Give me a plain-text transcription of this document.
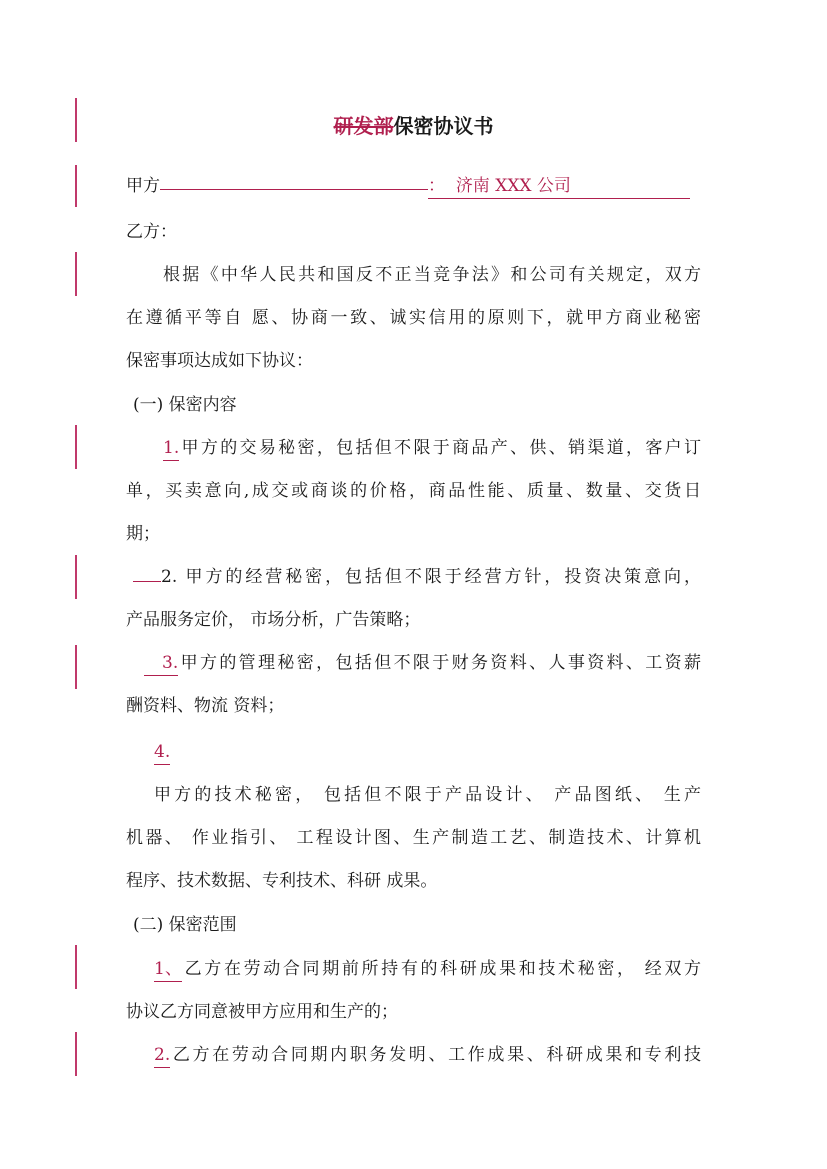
研发部保密协议书
甲方	： 济南 XXX 公司
乙方：
根据《中华人民共和国反不正当竞争法》和公司有关规定，双方
在遵循平等自 愿、协商一致、诚实信用的原则下，就甲方商业秘密
保密事项达成如下协议：
(一) 保密内容
1.甲方的交易秘密，包括但不限于商品产、供、销渠道，客户订
单，买卖意向,成交或商谈的价格，商品性能、质量、数量、交货日
期；
2. 甲方的经营秘密，包括但不限于经营方针，投资决策意向，
产品服务定价， 市场分析，广告策略；
3.甲方的管理秘密，包括但不限于财务资料、人事资料、工资薪
酬资料、物流 资料；
4.
甲方的技术秘密， 包括但不限于产品设计、 产品图纸、 生产
机器、 作业指引、 工程设计图、生产制造工艺、制造技术、计算机
程序、技术数据、专利技术、科研 成果。
(二) 保密范围
1、乙方在劳动合同期前所持有的科研成果和技术秘密， 经双方
协议乙方同意被甲方应用和生产的；
2.乙方在劳动合同期内职务发明、工作成果、科研成果和专利技
